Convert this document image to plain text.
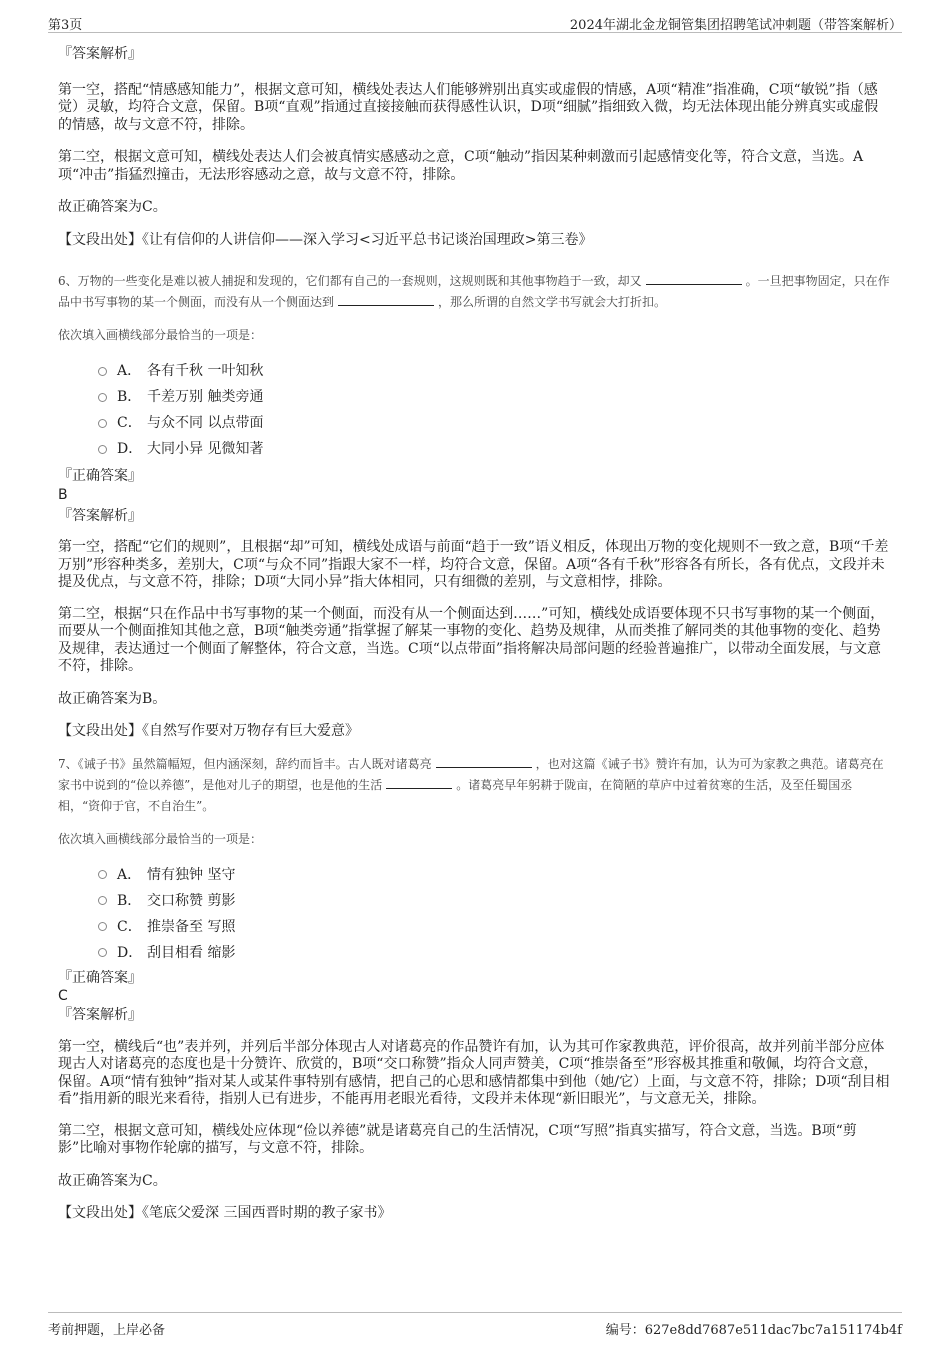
第3页	2024年湖北金龙铜管集团招聘笔试冲刺题（带答案解析）

『答案解析』

第一空，搭配“情感感知能力”，根据文意可知，横线处表达人们能够辨别出真实或虚假的情感，A项“精准”指准确，C项“敏锐”指（感觉）灵敏，均符合文意，保留。B项“直观”指通过直接接触而获得感性认识，D项“细腻”指细致入微，均无法体现出能分辨真实或虚假的情感，故与文意不符，排除。

第二空，根据文意可知，横线处表达人们会被真情实感感动之意，C项“触动”指因某种刺激而引起感情变化等，符合文意，当选。A项“冲击”指猛烈撞击，无法形容感动之意，故与文意不符，排除。

故正确答案为C。

【文段出处】《让有信仰的人讲信仰——深入学习<习近平总书记谈治国理政>第三卷》

6、万物的一些变化是难以被人捕捉和发现的，它们都有自己的一套规则，这规则既和其他事物趋于一致，却又	。一旦把事物固定，只在作品中书写事物的某一个侧面，而没有从一个侧面达到	，那么所谓的自然文学书写就会大打折扣。

依次填入画横线部分最恰当的一项是：

A． 各有千秋 一叶知秋
B． 千差万别 触类旁通
C． 与众不同 以点带面
D． 大同小异 见微知著

『正确答案』

B

『答案解析』

第一空，搭配“它们的规则”，且根据“却”可知，横线处成语与前面“趋于一致”语义相反，体现出万物的变化规则不一致之意，B项“千差万别”形容种类多，差别大，C项“与众不同”指跟大家不一样，均符合文意，保留。A项“各有千秋”形容各有所长，各有优点，文段并未提及优点，与文意不符，排除；D项“大同小异”指大体相同，只有细微的差别，与文意相悖，排除。

第二空，根据“只在作品中书写事物的某一个侧面，而没有从一个侧面达到……”可知，横线处成语要体现不只书写事物的某一个侧面，而要从一个侧面推知其他之意，B项“触类旁通”指掌握了解某一事物的变化、趋势及规律，从而类推了解同类的其他事物的变化、趋势及规律，表达通过一个侧面了解整体，符合文意，当选。C项“以点带面”指将解决局部问题的经验普遍推广，以带动全面发展，与文意不符，排除。

故正确答案为B。

【文段出处】《自然写作要对万物存有巨大爱意》

7、《诫子书》虽然篇幅短，但内涵深刻，辞约而旨丰。古人既对诸葛亮	，也对这篇《诫子书》赞许有加，认为可为家教之典范。诸葛亮在家书中说到的“俭以养德”，是他对儿子的期望，也是他的生活	。诸葛亮早年躬耕于陇亩，在简陋的草庐中过着贫寒的生活，及至任蜀国丞相，“资仰于官，不自治生”。

依次填入画横线部分最恰当的一项是：

A． 情有独钟 坚守
B． 交口称赞 剪影
C． 推崇备至 写照
D． 刮目相看 缩影

『正确答案』

C

『答案解析』

第一空，横线后“也”表并列，并列后半部分体现古人对诸葛亮的作品赞许有加，认为其可作家教典范，评价很高，故并列前半部分应体现古人对诸葛亮的态度也是十分赞许、欣赏的，B项“交口称赞”指众人同声赞美，C项“推崇备至”形容极其推重和敬佩，均符合文意，保留。A项“情有独钟”指对某人或某件事特别有感情，把自己的心思和感情都集中到他（她/它）上面，与文意不符，排除；D项“刮目相看”指用新的眼光来看待，指别人已有进步，不能再用老眼光看待，文段并未体现“新旧眼光”，与文意无关，排除。

第二空，根据文意可知，横线处应体现“俭以养德”就是诸葛亮自己的生活情况，C项“写照”指真实描写，符合文意，当选。B项“剪影”比喻对事物作轮廓的描写，与文意不符，排除。

故正确答案为C。

【文段出处】《笔底父爱深 三国西晋时期的教子家书》

考前押题，上岸必备	编号：627e8dd7687e511dac7bc7a151174b4f
